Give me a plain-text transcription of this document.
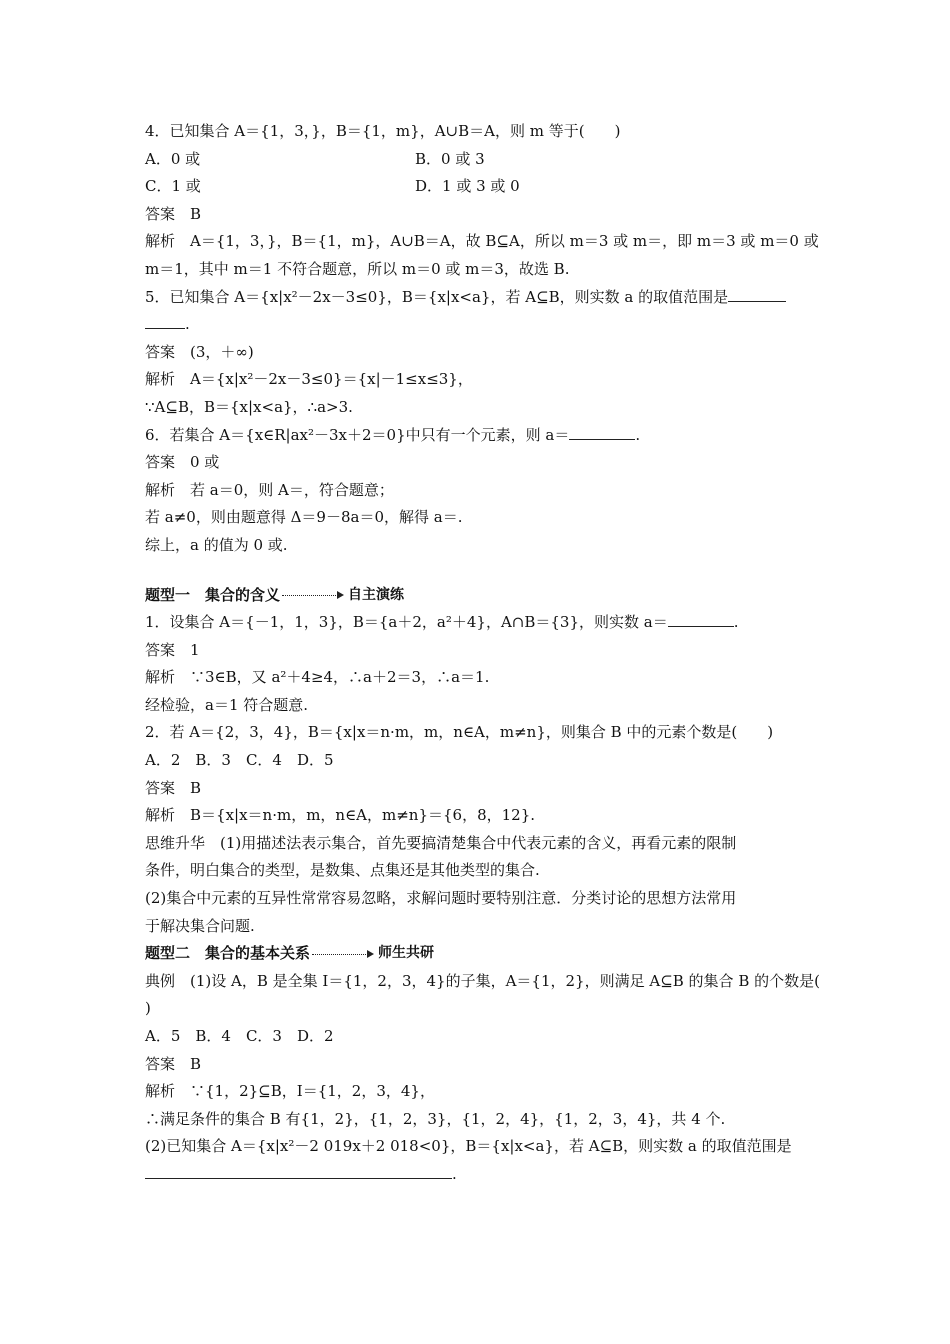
4．已知集合 A＝{1，3，}，B＝{1，m}，A∪B＝A，则 m 等于(　　)
A．0 或	B．0 或 3
C．1 或	D．1 或 3 或 0
答案　B
解析　A＝{1，3，}，B＝{1，m}，A∪B＝A，故 B⊆A，所以 m＝3 或 m＝，即 m＝3 或 m＝0 或
m＝1，其中 m＝1 不符合题意，所以 m＝0 或 m＝3，故选 B.
5．已知集合 A＝{x|x²－2x－3≤0}，B＝{x|x<a}，若 A⊆B，则实数 a 的取值范围是
.
答案　(3，＋∞)
解析　A＝{x|x²－2x－3≤0}＝{x|－1≤x≤3}，
∵A⊆B，B＝{x|x<a}，∴a>3.
6．若集合 A＝{x∈R|ax²－3x＋2＝0}中只有一个元素，则 a＝	.
答案　0 或
解析　若 a＝0，则 A＝，符合题意；
若 a≠0，则由题意得 Δ＝9－8a＝0，解得 a＝.
综上，a 的值为 0 或.
题型一　集合的含义	自主演练
1．设集合 A＝{－1，1，3}，B＝{a＋2，a²＋4}，A∩B＝{3}，则实数 a＝	.
答案　1
解析　∵3∈B，又 a²＋4≥4，∴a＋2＝3，∴a＝1.
经检验，a＝1 符合题意.
2．若 A＝{2，3，4}，B＝{x|x＝n·m，m，n∈A，m≠n}，则集合 B 中的元素个数是(　　)
A．2　B．3　C．4　D．5
答案　B
解析　B＝{x|x＝n·m，m，n∈A，m≠n}＝{6，8，12}.
思维升华　(1)用描述法表示集合，首先要搞清楚集合中代表元素的含义，再看元素的限制
条件，明白集合的类型，是数集、点集还是其他类型的集合.
(2)集合中元素的互异性常常容易忽略，求解问题时要特别注意．分类讨论的思想方法常用
于解决集合问题.
题型二　集合的基本关系	师生共研
典例　(1)设 A，B 是全集 I＝{1，2，3，4}的子集，A＝{1，2}，则满足 A⊆B 的集合 B 的个数是(
)
A．5　B．4　C．3　D．2
答案　B
解析　∵{1，2}⊆B，I＝{1，2，3，4}，
∴满足条件的集合 B 有{1，2}，{1，2，3}，{1，2，4}，{1，2，3，4}，共 4 个.
(2)已知集合 A＝{x|x²－2 019x＋2 018<0}，B＝{x|x<a}，若 A⊆B，则实数 a 的取值范围是
.
